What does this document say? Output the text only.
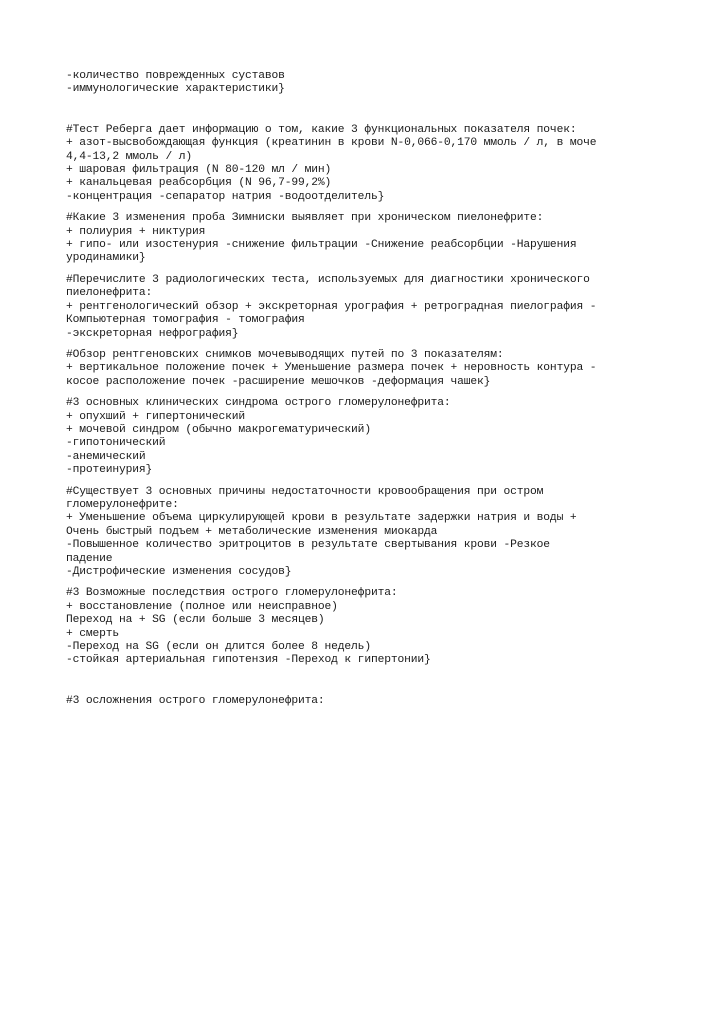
-количество поврежденных суставов
-иммунологические характеристики}
#Тест Реберга дает информацию о том, какие 3 функциональных показателя почек:
+ азот-высвобождающая функция (креатинин в крови N-0,066-0,170 ммоль / л, в моче
4,4-13,2 ммоль / л)
+ шаровая фильтрация (N 80-120 мл / мин)
+ канальцевая реабсорбция (N 96,7-99,2%)
-концентрация -сепаратор натрия -водоотделитель}
#Какие 3 изменения проба Зимниски выявляет при хроническом пиелонефрите:
+ полиурия + никтурия
+ гипо- или изостенурия -снижение фильтрации -Снижение реабсорбции -Нарушения
уродинамики}
#Перечислите 3 радиологических теста, используемых для диагностики хронического
пиелонефрита:
+ рентгенологический обзор + экскреторная урография + ретроградная пиелография -
Компьютерная томография - томография
-экскреторная нефрография}
#Обзор рентгеновских снимков мочевыводящих путей по 3 показателям:
+ вертикальное положение почек + Уменьшение размера почек + неровность контура -
косое расположение почек -расширение мешочков -деформация чашек}
#3 основных клинических синдрома острого гломерулонефрита:
+ опухший + гипертонический
+ мочевой синдром (обычно макрогематурический)
-гипотонический
-анемический
-протеинурия}
#Существует 3 основных причины недостаточности кровообращения при остром
гломерулонефрите:
+ Уменьшение объема циркулирующей крови в результате задержки натрия и воды +
Очень быстрый подъем + метаболические изменения миокарда
-Повышенное количество эритроцитов в результате свертывания крови -Резкое
падение
-Дистрофические изменения сосудов}
#3 Возможные последствия острого гломерулонефрита:
+ восстановление (полное или неисправное)
Переход на + SG (если больше 3 месяцев)
+ смерть
-Переход на SG (если он длится более 8 недель)
-стойкая артериальная гипотензия -Переход к гипертонии}
#3 осложнения острого гломерулонефрита:
